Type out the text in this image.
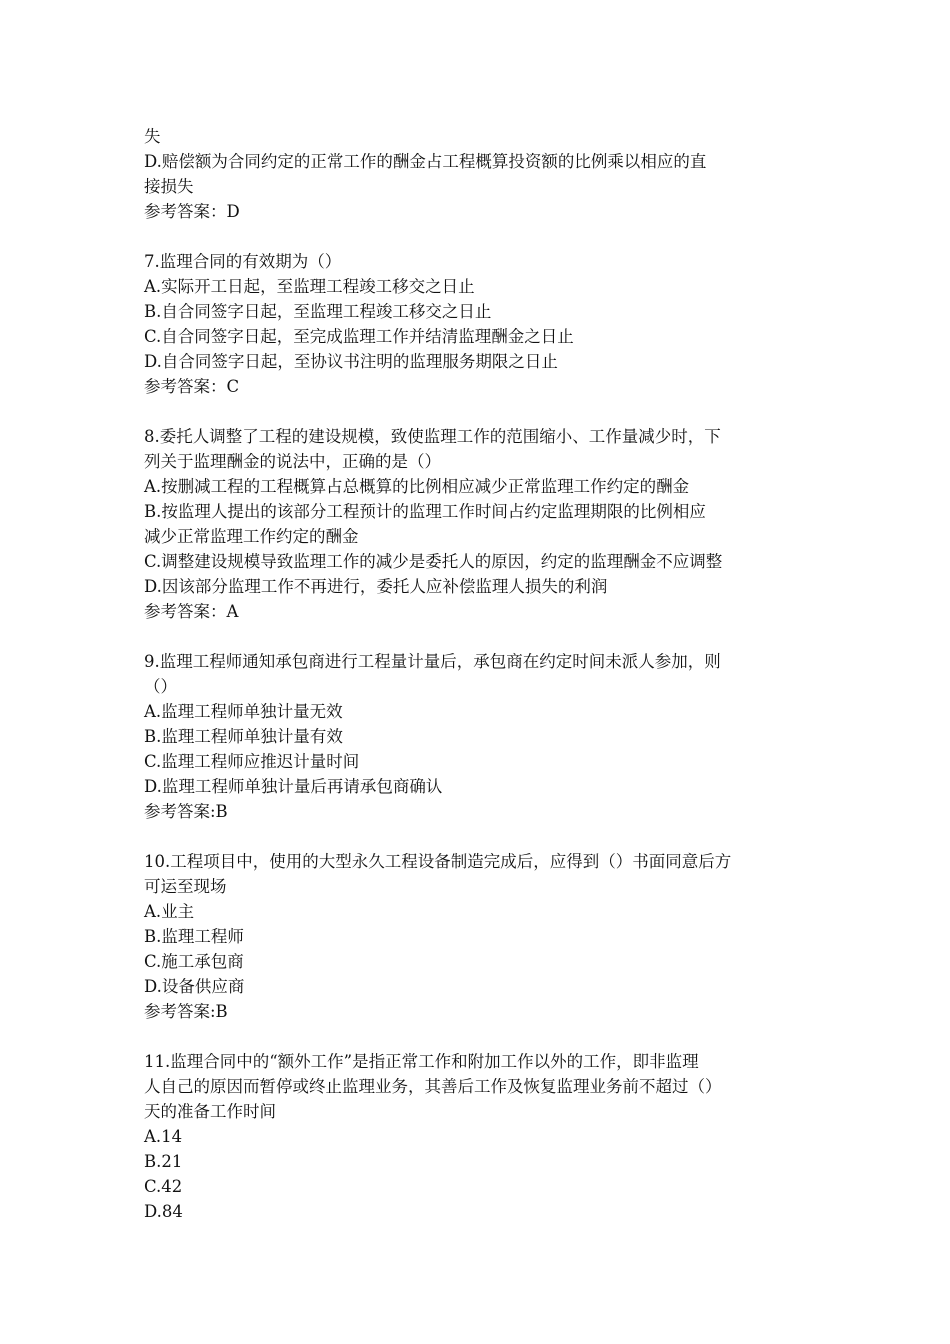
失
D.赔偿额为合同约定的正常工作的酬金占工程概算投资额的比例乘以相应的直
接损失
参考答案：D
7.监理合同的有效期为（）
A.实际开工日起，至监理工程竣工移交之日止
B.自合同签字日起，至监理工程竣工移交之日止
C.自合同签字日起，至完成监理工作并结清监理酬金之日止
D.自合同签字日起，至协议书注明的监理服务期限之日止
参考答案：C
8.委托人调整了工程的建设规模，致使监理工作的范围缩小、工作量减少时，下
列关于监理酬金的说法中，正确的是（）
A.按删减工程的工程概算占总概算的比例相应减少正常监理工作约定的酬金
B.按监理人提出的该部分工程预计的监理工作时间占约定监理期限的比例相应
减少正常监理工作约定的酬金
C.调整建设规模导致监理工作的减少是委托人的原因，约定的监理酬金不应调整
D.因该部分监理工作不再进行，委托人应补偿监理人损失的利润
参考答案：A
9.监理工程师通知承包商进行工程量计量后，承包商在约定时间未派人参加，则
（）
A.监理工程师单独计量无效
B.监理工程师单独计量有效
C.监理工程师应推迟计量时间
D.监理工程师单独计量后再请承包商确认
参考答案:B
10.工程项目中，使用的大型永久工程设备制造完成后，应得到（）书面同意后方
可运至现场
A.业主
B.监理工程师
C.施工承包商
D.设备供应商
参考答案:B
11.监理合同中的“额外工作”是指正常工作和附加工作以外的工作，即非监理
人自己的原因而暂停或终止监理业务，其善后工作及恢复监理业务前不超过（）
天的准备工作时间
A.14
B.21
C.42
D.84
